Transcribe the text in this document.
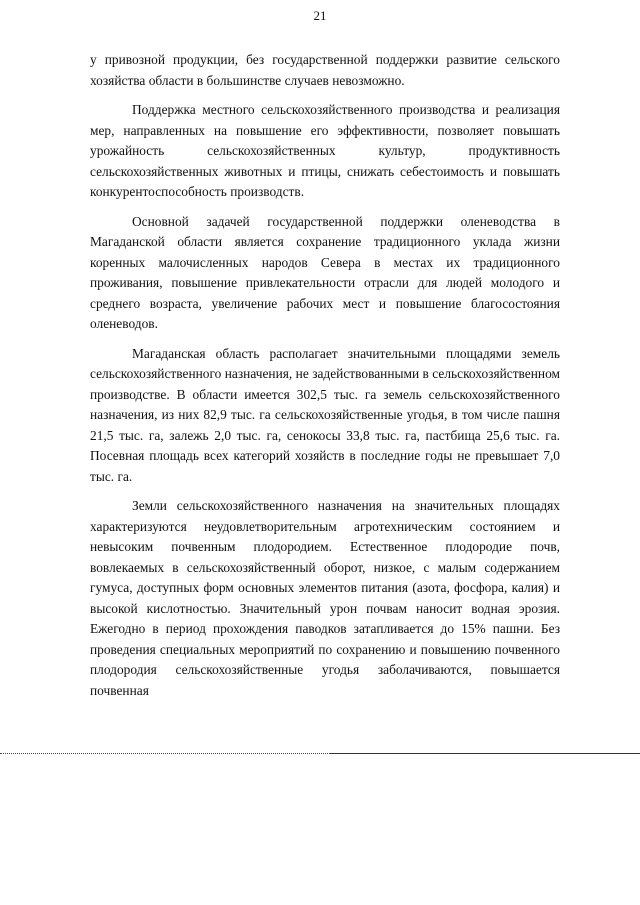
21

у привозной продукции, без государственной поддержки развитие сельского хозяйства области в большинстве случаев невозможно.

Поддержка местного сельскохозяйственного производства и реализация мер, направленных на повышение его эффективности, позволяет повышать урожайность сельскохозяйственных культур, продуктивность сельскохозяйственных животных и птицы, снижать себестоимость и повышать конкурентоспособность производств.

Основной задачей государственной поддержки оленеводства в Магаданской области является сохранение традиционного уклада жизни коренных малочисленных народов Севера в местах их традиционного проживания, повышение привлекательности отрасли для людей молодого и среднего возраста, увеличение рабочих мест и повышение благосостояния оленеводов.

Магаданская область располагает значительными площадями земель сельскохозяйственного назначения, не задействованными в сельскохозяйственном производстве. В области имеется 302,5 тыс. га земель сельскохозяйственного назначения, из них 82,9 тыс. га сельскохозяйственные угодья, в том числе пашня 21,5 тыс. га, залежь 2,0 тыс. га, сенокосы 33,8 тыс. га, пастбища 25,6 тыс. га. Посевная площадь всех категорий хозяйств в последние годы не превышает 7,0 тыс. га.

Земли сельскохозяйственного назначения на значительных площадях характеризуются неудовлетворительным агротехническим состоянием и невысоким почвенным плодородием. Естественное плодородие почв, вовлекаемых в сельскохозяйственный оборот, низкое, с малым содержанием гумуса, доступных форм основных элементов питания (азота, фосфора, калия) и высокой кислотностью. Значительный урон почвам наносит водная эрозия. Ежегодно в период прохождения паводков затапливается до 15% пашни. Без проведения специальных мероприятий по сохранению и повышению почвенного плодородия сельскохозяйственные угодья заболачиваются, повышается почвенная
